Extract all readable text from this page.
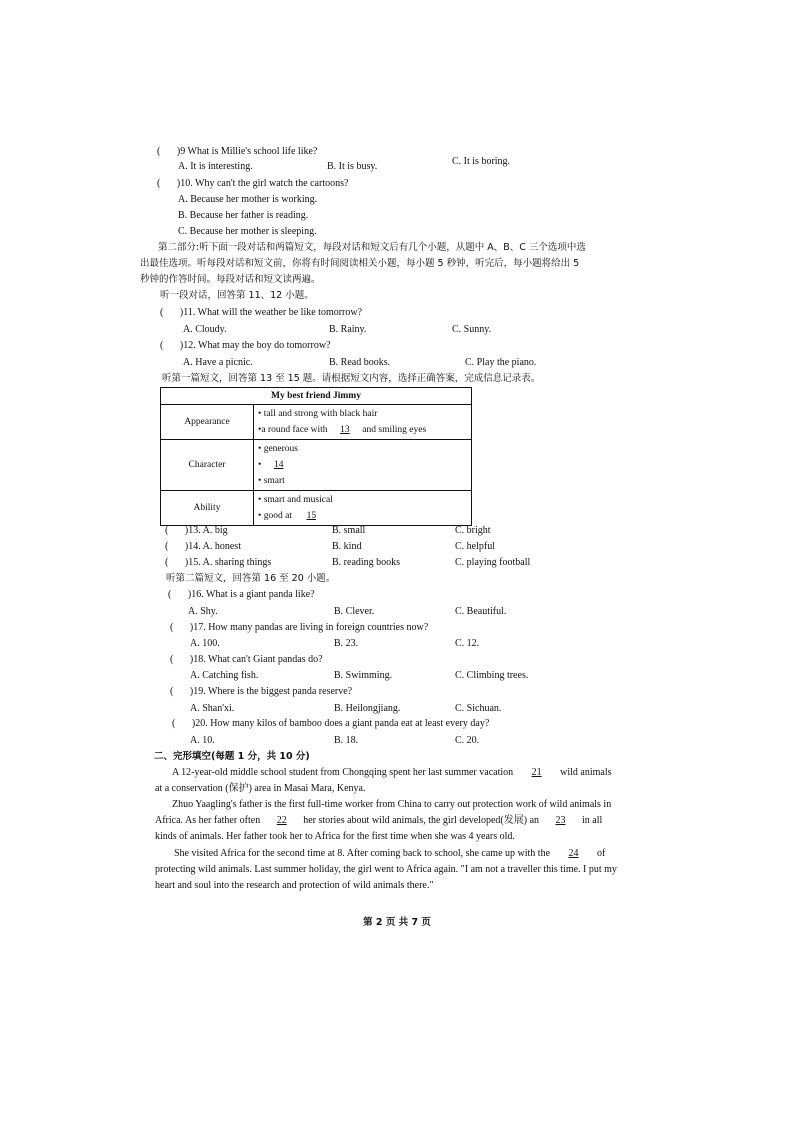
( )9 What is Millie's school life like?
A. It is interesting.	B. It is busy.	C. It is boring.
( )10. Why can't the girl watch the cartoons?
A. Because her mother is working.
B. Because her father is reading.
C. Because her mother is sleeping.
第二部分:听下面一段对话和两篇短文，每段对话和短文后有几个小题，从题中 A、B、C 三个选项中选
出最佳选项。听每段对话和短文前，你将有时间阅读相关小题，每小题 5 秒钟，听完后，每小题将给出 5
秒钟的作答时间。每段对话和短文读两遍。
听一段对话，回答第 11、12 小题。
( )11. What will the weather be like tomorrow?
A. Cloudy.	B. Rainy.	C. Sunny.
( )12. What may the boy do tomorrow?
A. Have a picnic.	B. Read books.	C. Play the piano.
听第一篇短文，回答第 13 至 15 题。请根据短文内容，选择正确答案，完成信息记录表。
My best friend Jimmy	
Appearance	• tall and strong with black hair
•a round face with 13 and smiling eyes

Character	• generous
• 14
• smart

Ability	• smart and musical
• good at 15
( )13. A. big	B. small	C. bright
( )14. A. honest	B. kind	C. helpful
( )15. A. sharing things	B. reading books	C. playing football
听第二篇短文，回答第 16 至 20 小题。
( )16. What is a giant panda like?
A. Shy.	B. Clever.	C. Beautiful.
( )17. How many pandas are living in foreign countries now?
A. 100.	B. 23.	C. 12.
( )18. What can't Giant pandas do?
A. Catching fish.	B. Swimming.	C. Climbing trees.
( )19. Where is the biggest panda reserve?
A. Shan'xi.	B. Heilongjiang.	C. Sichuan.
( )20. How many kilos of bamboo does a giant panda eat at least every day?
A. 10.	B. 18.	C. 20.
二、完形填空(每题 1 分，共 10 分)
A 12-year-old middle school student from Chongqing spent her last summer vacation 21 wild animals
at a conservation (保护) area in Masai Mara, Kenya.
Zhuo Yaagling's father is the first full-time worker from China to carry out protection work of wild animals in
Africa. As her father often 22 her stories about wild animals, the girl developed(发展) an 23 in all
kinds of animals. Her father took her to Africa for the first time when she was 4 years old.
She visited Africa for the second time at 8. After coming back to school, she came up with the 24 of
protecting wild animals. Last summer holiday, the girl went to Africa again. "I am not a traveller this time. I put my
heart and soul into the research and protection of wild animals there."
第 2 页 共 7 页
